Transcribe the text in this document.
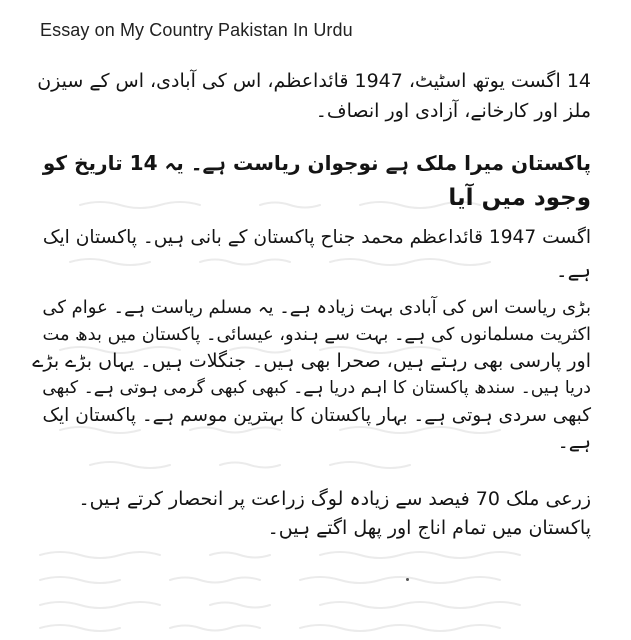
Essay on My Country Pakistan In Urdu
14 اگست یوتھ اسٹیٹ، 1947 قائداعظم، اس کی آبادی، اس کے سیزن
ملز اور کارخانے، آزادی اور انصاف۔
پاکستان میرا ملک ہے نوجوان ریاست ہے۔ یہ 14 تاریخ کو
وجود میں آیا
اگست 1947 قائداعظم محمد جناح پاکستان کے بانی ہیں۔ پاکستان ایک
ہے۔
بڑی ریاست اس کی آبادی بہت زیادہ ہے۔ یہ مسلم ریاست ہے۔ عوام کی
اکثریت مسلمانوں کی ہے۔ بہت سے ہندو، عیسائی۔ پاکستان میں بدھ مت
اور پارسی بھی رہتے ہیں، صحرا بھی ہیں۔ جنگلات ہیں۔ یہاں بڑے بڑے
دریا ہیں۔ سندھ پاکستان کا اہم دریا ہے۔ کبھی کبھی گرمی ہوتی ہے۔ کبھی
کبھی سردی ہوتی ہے۔ بہار پاکستان کا بہترین موسم ہے۔ پاکستان ایک
ہے۔
زرعی ملک 70 فیصد سے زیادہ لوگ زراعت پر انحصار کرتے ہیں۔
پاکستان میں تمام اناج اور پھل اگتے ہیں۔
